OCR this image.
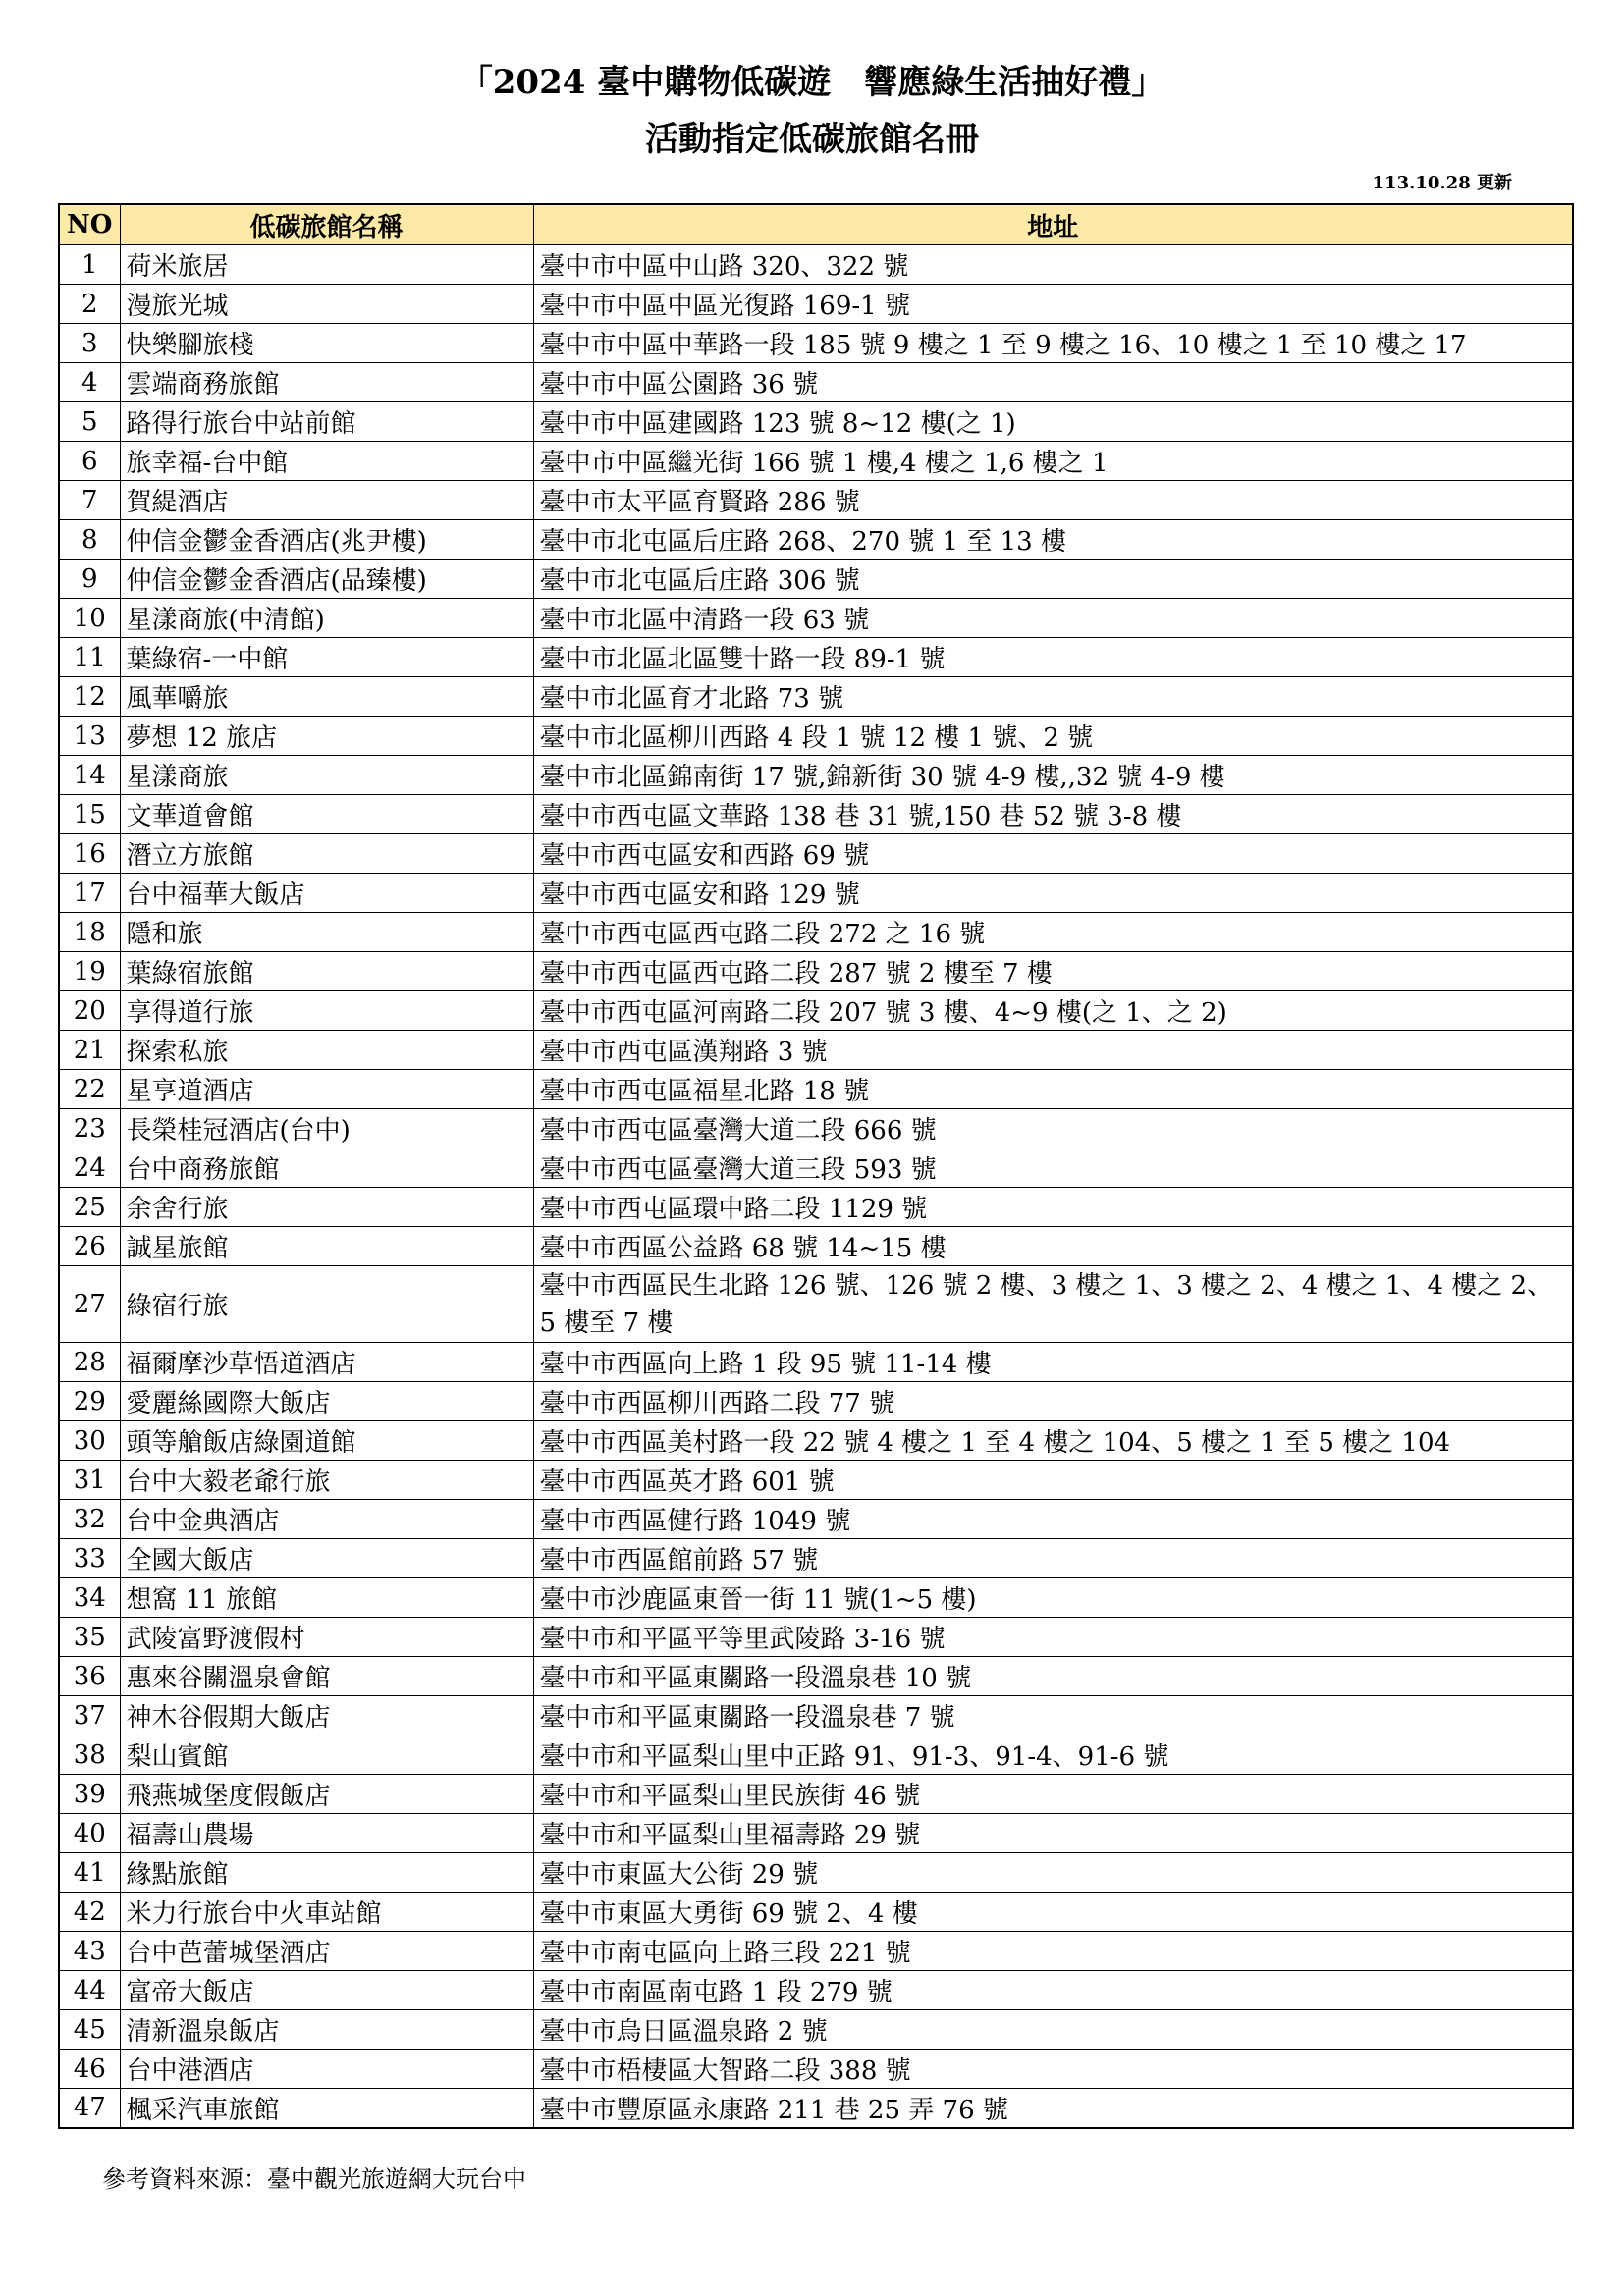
「2024 臺中購物低碳遊　響應綠生活抽好禮」
活動指定低碳旅館名冊
113.10.28 更新
NO	低碳旅館名稱	地址
1	荷米旅居	臺中市中區中山路 320、322 號
2	漫旅光城	臺中市中區中區光復路 169-1 號
3	快樂腳旅棧	臺中市中區中華路一段 185 號 9 樓之 1 至 9 樓之 16、10 樓之 1 至 10 樓之 17
4	雲端商務旅館	臺中市中區公園路 36 號
5	路得行旅台中站前館	臺中市中區建國路 123 號 8~12 樓(之 1)
6	旅幸福-台中館	臺中市中區繼光街 166 號 1 樓,4 樓之 1,6 樓之 1
7	賀緹酒店	臺中市太平區育賢路 286 號
8	仲信金鬱金香酒店(兆尹樓)	臺中市北屯區后庄路 268、270 號 1 至 13 樓
9	仲信金鬱金香酒店(品臻樓)	臺中市北屯區后庄路 306 號
10	星漾商旅(中清館)	臺中市北區中清路一段 63 號
11	葉綠宿-一中館	臺中市北區北區雙十路一段 89-1 號
12	風華嚼旅	臺中市北區育才北路 73 號
13	夢想 12 旅店	臺中市北區柳川西路 4 段 1 號 12 樓 1 號、2 號
14	星漾商旅	臺中市北區錦南街 17 號,錦新街 30 號 4-9 樓,,32 號 4-9 樓
15	文華道會館	臺中市西屯區文華路 138 巷 31 號,150 巷 52 號 3-8 樓
16	潛立方旅館	臺中市西屯區安和西路 69 號
17	台中福華大飯店	臺中市西屯區安和路 129 號
18	隱和旅	臺中市西屯區西屯路二段 272 之 16 號
19	葉綠宿旅館	臺中市西屯區西屯路二段 287 號 2 樓至 7 樓
20	享得道行旅	臺中市西屯區河南路二段 207 號 3 樓、4~9 樓(之 1、之 2)
21	探索私旅	臺中市西屯區漢翔路 3 號
22	星享道酒店	臺中市西屯區福星北路 18 號
23	長榮桂冠酒店(台中)	臺中市西屯區臺灣大道二段 666 號
24	台中商務旅館	臺中市西屯區臺灣大道三段 593 號
25	余舍行旅	臺中市西屯區環中路二段 1129 號
26	誠星旅館	臺中市西區公益路 68 號 14~15 樓
27	綠宿行旅	臺中市西區民生北路 126 號、126 號 2 樓、3 樓之 1、3 樓之 2、4 樓之 1、4 樓之 2、5 樓至 7 樓
28	福爾摩沙草悟道酒店	臺中市西區向上路 1 段 95 號 11-14 樓
29	愛麗絲國際大飯店	臺中市西區柳川西路二段 77 號
30	頭等艙飯店綠園道館	臺中市西區美村路一段 22 號 4 樓之 1 至 4 樓之 104、5 樓之 1 至 5 樓之 104
31	台中大毅老爺行旅	臺中市西區英才路 601 號
32	台中金典酒店	臺中市西區健行路 1049 號
33	全國大飯店	臺中市西區館前路 57 號
34	想窩 11 旅館	臺中市沙鹿區東晉一街 11 號(1~5 樓)
35	武陵富野渡假村	臺中市和平區平等里武陵路 3-16 號
36	惠來谷關溫泉會館	臺中市和平區東關路一段溫泉巷 10 號
37	神木谷假期大飯店	臺中市和平區東關路一段溫泉巷 7 號
38	梨山賓館	臺中市和平區梨山里中正路 91、91-3、91-4、91-6 號
39	飛燕城堡度假飯店	臺中市和平區梨山里民族街 46 號
40	福壽山農場	臺中市和平區梨山里福壽路 29 號
41	緣點旅館	臺中市東區大公街 29 號
42	米力行旅台中火車站館	臺中市東區大勇街 69 號 2、4 樓
43	台中芭蕾城堡酒店	臺中市南屯區向上路三段 221 號
44	富帝大飯店	臺中市南區南屯路 1 段 279 號
45	清新溫泉飯店	臺中市烏日區溫泉路 2 號
46	台中港酒店	臺中市梧棲區大智路二段 388 號
47	楓采汽車旅館	臺中市豐原區永康路 211 巷 25 弄 76 號
參考資料來源：臺中觀光旅遊網大玩台中
